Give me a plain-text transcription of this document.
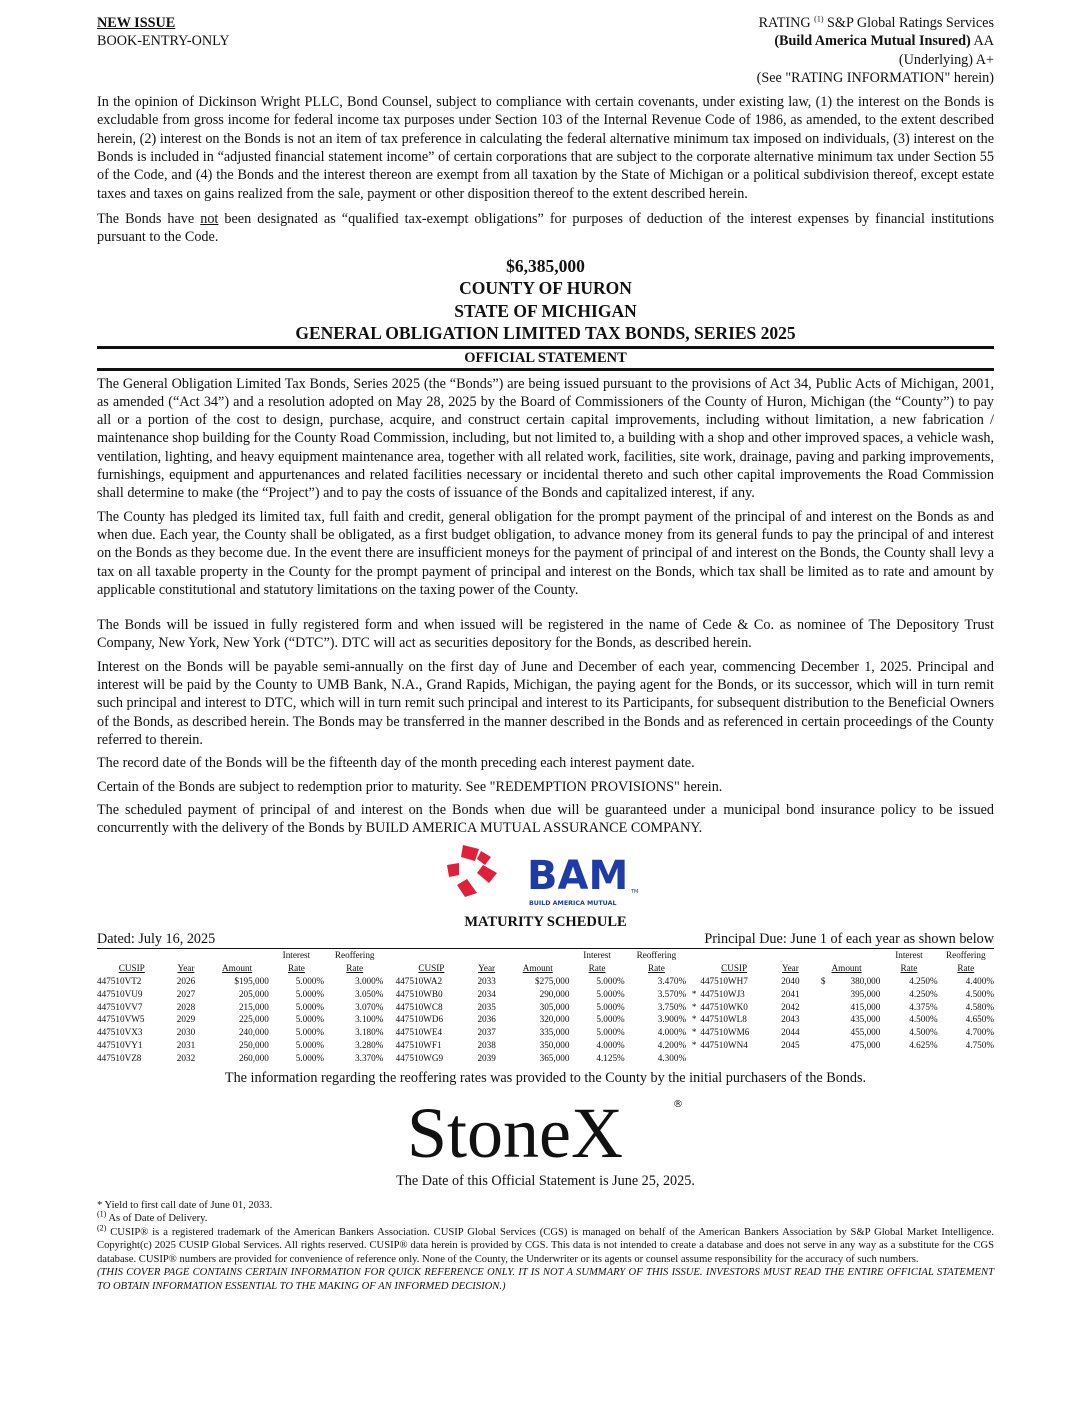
NEW ISSUE
BOOK-ENTRY-ONLY
RATING $^{(1)}$ S&P Global Ratings Services
(Build America Mutual Insured) AA
(Underlying) A+
(See "RATING INFORMATION" herein)

In the opinion of Dickinson Wright PLLC, Bond Counsel, subject to compliance with certain covenants, under existing law, (1) the interest on the Bonds is excludable from gross income for federal income tax purposes under Section 103 of the Internal Revenue Code of 1986, as amended, to the extent described herein, (2) interest on the Bonds is not an item of tax preference in calculating the federal alternative minimum tax imposed on individuals, (3) interest on the Bonds is included in “adjusted financial statement income” of certain corporations that are subject to the corporate alternative minimum tax under Section 55 of the Code, and (4) the Bonds and the interest thereon are exempt from all taxation by the State of Michigan or a political subdivision thereof, except estate taxes and taxes on gains realized from the sale, payment or other disposition thereof to the extent described herein.

The Bonds have not been designated as “qualified tax-exempt obligations” for purposes of deduction of the interest expenses by financial institutions pursuant to the Code.

$6,385,000
COUNTY OF HURON
STATE OF MICHIGAN
GENERAL OBLIGATION LIMITED TAX BONDS, SERIES 2025
OFFICIAL STATEMENT

The General Obligation Limited Tax Bonds, Series 2025 (the “Bonds”) are being issued pursuant to the provisions of Act 34, Public Acts of Michigan, 2001, as amended (“Act 34”) and a resolution adopted on May 28, 2025 by the Board of Commissioners of the County of Huron, Michigan (the “County”) to pay all or a portion of the cost to design, purchase, acquire, and construct certain capital improvements, including without limitation, a new fabrication / maintenance shop building for the County Road Commission, including, but not limited to, a building with a shop and other improved spaces, a vehicle wash, ventilation, lighting, and heavy equipment maintenance area, together with all related work, facilities, site work, drainage, paving and parking improvements, furnishings, equipment and appurtenances and related facilities necessary or incidental thereto and such other capital improvements the Road Commission shall determine to make (the “Project”) and to pay the costs of issuance of the Bonds and capitalized interest, if any.

The County has pledged its limited tax, full faith and credit, general obligation for the prompt payment of the principal of and interest on the Bonds as and when due. Each year, the County shall be obligated, as a first budget obligation, to advance money from its general funds to pay the principal of and interest on the Bonds as they become due. In the event there are insufficient moneys for the payment of principal of and interest on the Bonds, the County shall levy a tax on all taxable property in the County for the prompt payment of principal and interest on the Bonds, which tax shall be limited as to rate and amount by applicable constitutional and statutory limitations on the taxing power of the County.

The Bonds will be issued in fully registered form and when issued will be registered in the name of Cede & Co. as nominee of The Depository Trust Company, New York, New York (“DTC”). DTC will act as securities depository for the Bonds, as described herein.

Interest on the Bonds will be payable semi-annually on the first day of June and December of each year, commencing December 1, 2025. Principal and interest will be paid by the County to UMB Bank, N.A., Grand Rapids, Michigan, the paying agent for the Bonds, or its successor, which will in turn remit such principal and interest to DTC, which will in turn remit such principal and interest to its Participants, for subsequent distribution to the Beneficial Owners of the Bonds, as described herein. The Bonds may be transferred in the manner described in the Bonds and as referenced in certain proceedings of the County referred to therein.

The record date of the Bonds will be the fifteenth day of the month preceding each interest payment date.

Certain of the Bonds are subject to redemption prior to maturity. See "REDEMPTION PROVISIONS" herein.

The scheduled payment of principal of and interest on the Bonds when due will be guaranteed under a municipal bond insurance policy to be issued concurrently with the delivery of the Bonds by BUILD AMERICA MUTUAL ASSURANCE COMPANY.

BAM TM
BUILD AMERICA MUTUAL
MATURITY SCHEDULE
Dated: July 16, 2025	Principal Due: June 1 of each year as shown below
			Interest	Reoffering					Interest	Reoffering						Interest	Reoffering
CUSIP	Year	Amount	Rate	Rate		CUSIP	Year	Amount	Rate	Rate		CUSIP	Year	Amount		Rate	Rate
447510VT2	2026	$195,000	5.000%	3.000%		447510WA2	2033	$275,000	5.000%	3.470%		447510WH7	2040	$	380,000	4.250%	4.400%
447510VU9	2027	205,000	5.000%	3.050%		447510WB0	2034	290,000	5.000%	3.570%	*	447510WJ3	2041		395,000	4.250%	4.500%
447510VV7	2028	215,000	5.000%	3.070%		447510WC8	2035	305,000	5.000%	3.750%	*	447510WK0	2042		415,000	4.375%	4.580%
447510VW5	2029	225,000	5.000%	3.100%		447510WD6	2036	320,000	5.000%	3.900%	*	447510WL8	2043		435,000	4.500%	4.650%
447510VX3	2030	240,000	5.000%	3.180%		447510WE4	2037	335,000	5.000%	4.000%	*	447510WM6	2044		455,000	4.500%	4.700%
447510VY1	2031	250,000	5.000%	3.280%		447510WF1	2038	350,000	4.000%	4.200%	*	447510WN4	2045		475,000	4.625%	4.750%
447510VZ8	2032	260,000	5.000%	3.370%		447510WG9	2039	365,000	4.125%	4.300%							
The information regarding the reoffering rates was provided to the County by the initial purchasers of the Bonds.
StoneX	®
The Date of this Official Statement is June 25, 2025.
* Yield to first call date of June 01, 2033.
$^{(1)}$ As of Date of Delivery.
$^{(2)}$ CUSIP® is a registered trademark of the American Bankers Association. CUSIP Global Services (CGS) is managed on behalf of the American Bankers Association by S&P Global Market Intelligence. Copyright(c) 2025 CUSIP Global Services. All rights reserved. CUSIP® data herein is provided by CGS. This data is not intended to create a database and does not serve in any way as a substitute for the CGS database. CUSIP® numbers are provided for convenience of reference only. None of the County, the Underwriter or its agents or counsel assume responsibility for the accuracy of such numbers.
(THIS COVER PAGE CONTAINS CERTAIN INFORMATION FOR QUICK REFERENCE ONLY. IT IS NOT A SUMMARY OF THIS ISSUE. INVESTORS MUST READ THE ENTIRE OFFICIAL STATEMENT TO OBTAIN INFORMATION ESSENTIAL TO THE MAKING OF AN INFORMED DECISION.)
